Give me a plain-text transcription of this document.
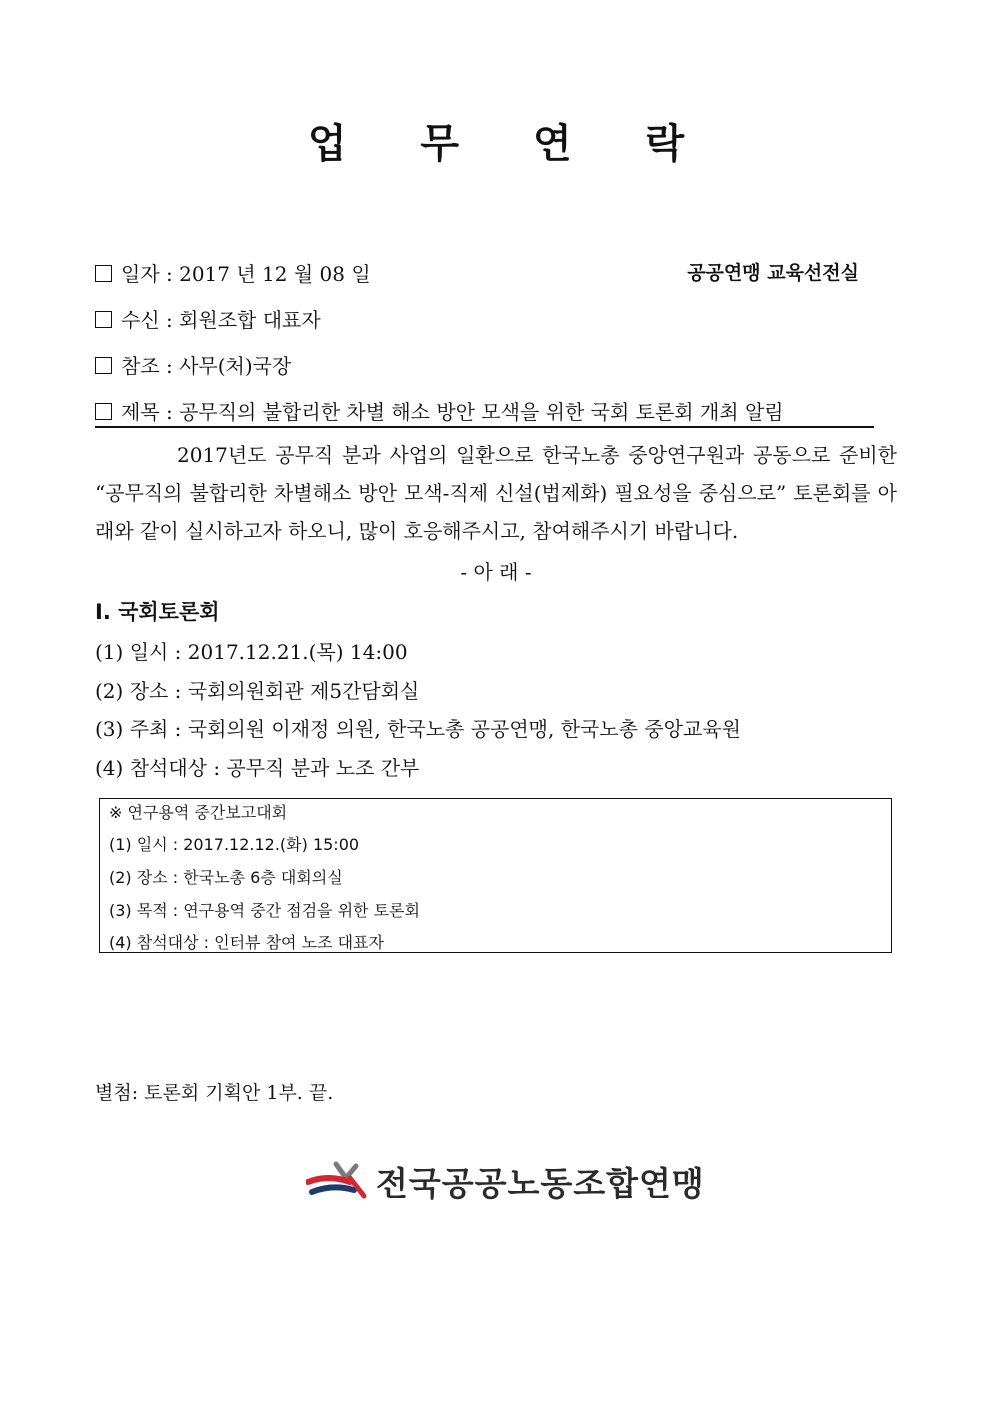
업 무 연 락
일자 : 2017 년 12 월 08 일	공공연맹 교육선전실
수신 : 회원조합 대표자
참조 : 사무(처)국장
제목 : 공무직의 불합리한 차별 해소 방안 모색을 위한 국회 토론회 개최 알림
2017년도 공무직 분과 사업의 일환으로 한국노총 중앙연구원과 공동으로 준비한 “공무직의 불합리한 차별해소 방안 모색-직제 신설(법제화) 필요성을 중심으로” 토론회를 아래와 같이 실시하고자 하오니, 많이 호응해주시고, 참여해주시기 바랍니다.
- 아 래 -
I. 국회토론회
(1) 일시 : 2017.12.21.(목) 14:00
(2) 장소 : 국회의원회관 제5간담회실
(3) 주최 : 국회의원 이재정 의원, 한국노총 공공연맹, 한국노총 중앙교육원
(4) 참석대상 : 공무직 분과 노조 간부
※ 연구용역 중간보고대회
(1) 일시 : 2017.12.12.(화) 15:00
(2) 장소 : 한국노총 6층 대회의실
(3) 목적 : 연구용역 중간 점검을 위한 토론회
(4) 참석대상 : 인터뷰 참여 노조 대표자
별첨: 토론회 기획안 1부. 끝.
전국공공노동조합연맹
